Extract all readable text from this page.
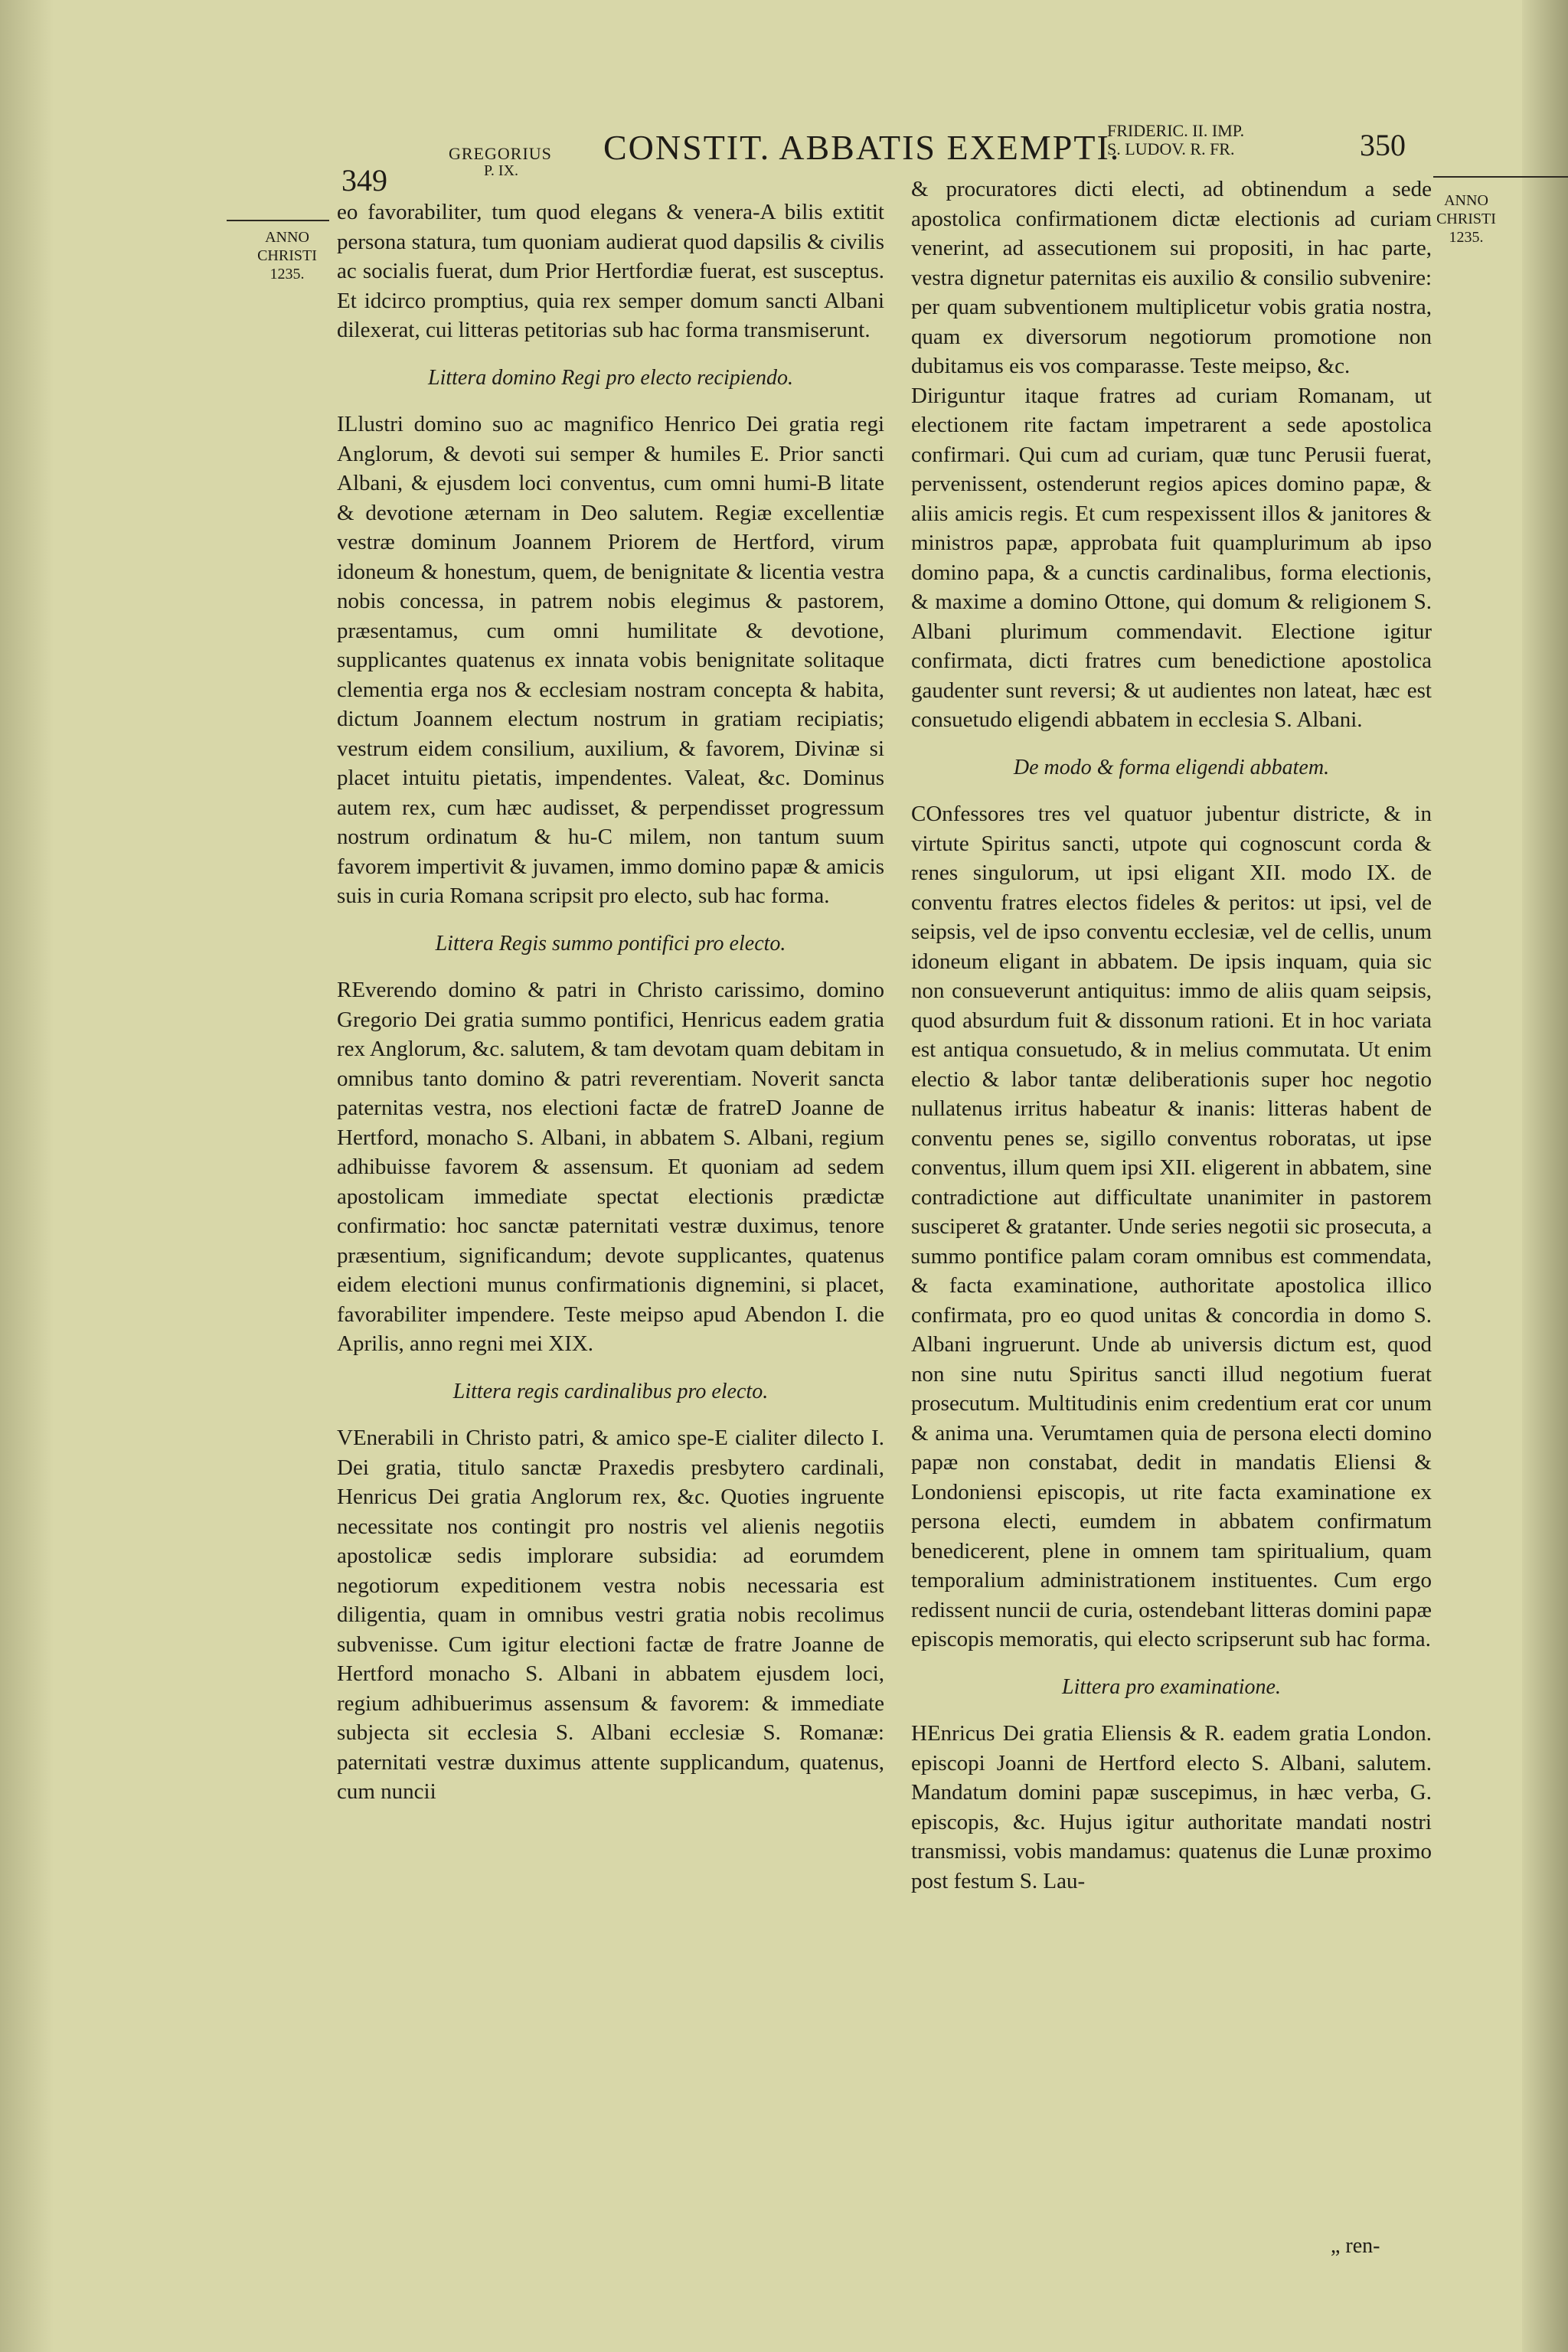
349
GREGORIUS
P. IX.
CONSTIT. ABBATIS EXEMPTI.
FRIDERIC. II. IMP.
S. LUDOV. R. FR.	350
ANNO CHRISTI 1235.
ANNO CHRISTI 1235.

eo favorabiliter, tum quod elegans & venera-A bilis extitit persona statura, tum quoniam audierat quod dapsilis & civilis ac socialis fuerat, dum Prior Hertfordiæ fuerat, est susceptus. Et idcirco promptius, quia rex semper domum sancti Albani dilexerat, cui litteras petitorias sub hac forma transmiserunt.

Littera domino Regi pro electo recipiendo.

ILlustri domino suo ac magnifico Henrico Dei gratia regi Anglorum, & devoti sui semper & humiles E. Prior sancti Albani, & ejusdem loci conventus, cum omni humi-B litate & devotione æternam in Deo salutem. Regiæ excellentiæ vestræ dominum Joannem Priorem de Hertford, virum idoneum & honestum, quem, de benignitate & licentia vestra nobis concessa, in patrem nobis elegimus & pastorem, præsentamus, cum omni humilitate & devotione, supplicantes quatenus ex innata vobis benignitate solitaque clementia erga nos & ecclesiam nostram concepta & habita, dictum Joannem electum nostrum in gratiam recipiatis; vestrum eidem consilium, auxilium, & favorem, Divinæ si placet intuitu pietatis, impendentes. Valeat, &c. Dominus autem rex, cum hæc audisset, & perpendisset progressum nostrum ordinatum & hu-C milem, non tantum suum favorem impertivit & juvamen, immo domino papæ & amicis suis in curia Romana scripsit pro electo, sub hac forma.

Littera Regis summo pontifici pro electo.

REverendo domino & patri in Christo carissimo, domino Gregorio Dei gratia summo pontifici, Henricus eadem gratia rex Anglorum, &c. salutem, & tam devotam quam debitam in omnibus tanto domino & patri reverentiam. Noverit sancta paternitas vestra, nos electioni factæ de fratreD Joanne de Hertford, monacho S. Albani, in abbatem S. Albani, regium adhibuisse favorem & assensum. Et quoniam ad sedem apostolicam immediate spectat electionis prædictæ confirmatio: hoc sanctæ paternitati vestræ duximus, tenore præsentium, significandum; devote supplicantes, quatenus eidem electioni munus confirmationis dignemini, si placet, favorabiliter impendere. Teste meipso apud Abendon I. die Aprilis, anno regni mei XIX.

Littera regis cardinalibus pro electo.

VEnerabili in Christo patri, & amico spe-E cialiter dilecto I. Dei gratia, titulo sanctæ Praxedis presbytero cardinali, Henricus Dei gratia Anglorum rex, &c. Quoties ingruente necessitate nos contingit pro nostris vel alienis negotiis apostolicæ sedis implorare subsidia: ad eorumdem negotiorum expeditionem vestra nobis necessaria est diligentia, quam in omnibus vestri gratia nobis recolimus subvenisse. Cum igitur electioni factæ de fratre Joanne de Hertford monacho S. Albani in abbatem ejusdem loci, regium adhibuerimus assensum & favorem: & immediate subjecta sit ecclesia S. Albani ecclesiæ S. Romanæ: paternitati vestræ duximus attente supplicandum, quatenus, cum nuncii

& procuratores dicti electi, ad obtinendum a sede apostolica confirmationem dictæ electionis ad curiam venerint, ad assecutionem sui propositi, in hac parte, vestra dignetur paternitas eis auxilio & consilio subvenire: per quam subventionem multiplicetur vobis gratia nostra, quam ex diversorum negotiorum promotione non dubitamus eis vos comparasse. Teste meipso, &c.

Diriguntur itaque fratres ad curiam Romanam, ut electionem rite factam impetrarent a sede apostolica confirmari. Qui cum ad curiam, quæ tunc Perusii fuerat, pervenissent, ostenderunt regios apices domino papæ, & aliis amicis regis. Et cum respexissent illos & janitores & ministros papæ, approbata fuit quamplurimum ab ipso domino papa, & a cunctis cardinalibus, forma electionis, & maxime a domino Ottone, qui domum & religionem S. Albani plurimum commendavit. Electione igitur confirmata, dicti fratres cum benedictione apostolica gaudenter sunt reversi; & ut audientes non lateat, hæc est consuetudo eligendi abbatem in ecclesia S. Albani.

De modo & forma eligendi abbatem.

COnfessores tres vel quatuor jubentur districte, & in virtute Spiritus sancti, utpote qui cognoscunt corda & renes singulorum, ut ipsi eligant XII. modo IX. de conventu fratres electos fideles & peritos: ut ipsi, vel de seipsis, vel de ipso conventu ecclesiæ, vel de cellis, unum idoneum eligant in abbatem. De ipsis inquam, quia sic non consueverunt antiquitus: immo de aliis quam seipsis, quod absurdum fuit & dissonum rationi. Et in hoc variata est antiqua consuetudo, & in melius commutata. Ut enim electio & labor tantæ deliberationis super hoc negotio nullatenus irritus habeatur & inanis: litteras habent de conventu penes se, sigillo conventus roboratas, ut ipse conventus, illum quem ipsi XII. eligerent in abbatem, sine contradictione aut difficultate unanimiter in pastorem susciperet & gratanter. Unde series negotii sic prosecuta, a summo pontifice palam coram omnibus est commendata, & facta examinatione, authoritate apostolica illico confirmata, pro eo quod unitas & concordia in domo S. Albani ingruerunt. Unde ab universis dictum est, quod non sine nutu Spiritus sancti illud negotium fuerat prosecutum. Multitudinis enim credentium erat cor unum & anima una. Verumtamen quia de persona electi domino papæ non constabat, dedit in mandatis Eliensi & Londoniensi episcopis, ut rite facta examinatione ex persona electi, eumdem in abbatem confirmatum benedicerent, plene in omnem tam spiritualium, quam temporalium administrationem instituentes. Cum ergo redissent nuncii de curia, ostendebant litteras domini papæ episcopis memoratis, qui electo scripserunt sub hac forma.

Littera pro examinatione.

HEnricus Dei gratia Eliensis & R. eadem gratia London. episcopi Joanni de Hertford electo S. Albani, salutem. Mandatum domini papæ suscepimus, in hæc verba, G. episcopis, &c. Hujus igitur authoritate mandati nostri transmissi, vobis mandamus: quatenus die Lunæ proximo post festum S. Lau-

„ ren-
